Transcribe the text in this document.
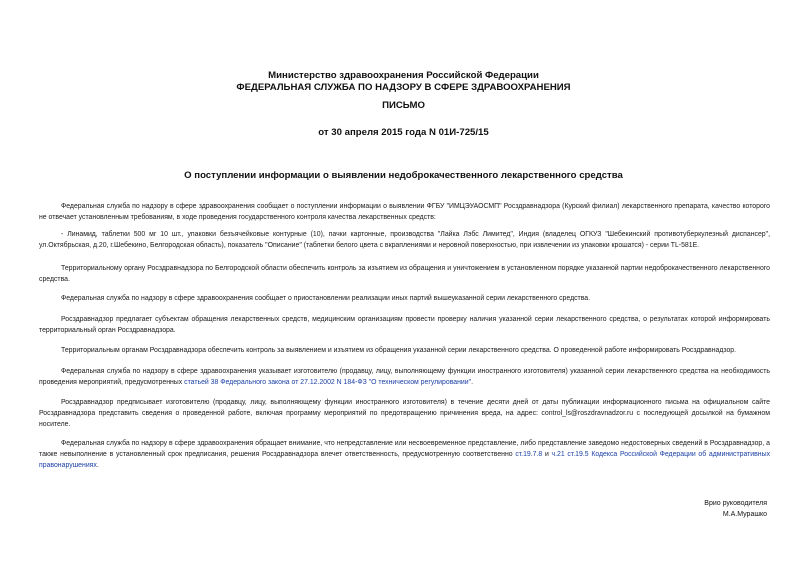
Министерство здравоохранения Российской Федерации
ФЕДЕРАЛЬНАЯ СЛУЖБА ПО НАДЗОРУ В СФЕРЕ ЗДРАВООХРАНЕНИЯ
ПИСЬМО
от 30 апреля 2015 года N 01И-725/15
О поступлении информации о выявлении недоброкачественного лекарственного средства
Федеральная служба по надзору в сфере здравоохранения сообщает о поступлении информации о выявлении ФГБУ "ИМЦЭУАОСМП" Росздравнадзора (Курский филиал) лекарственного препарата, качество которого не отвечает установленным требованиям, в ходе проведения государственного контроля качества лекарственных средств:
- Линамид, таблетки 500 мг 10 шт., упаковки безъячейковые контурные (10), пачки картонные, производства "Лайка Лэбс Лимитед", Индия (владелец ОГКУЗ "Шебекинский противотуберкулезный диспансер", ул.Октябрьская, д.20, г.Шебекино, Белгородская область), показатель "Описание" (таблетки белого цвета с вкраплениями и неровной поверхностью, при извлечении из упаковки крошатся) - серии TL-581E.
Территориальному органу Росздравнадзора по Белгородской области обеспечить контроль за изъятием из обращения и уничтожением в установленном порядке указанной партии недоброкачественного лекарственного средства.
Федеральная служба по надзору в сфере здравоохранения сообщает о приостановлении реализации иных партий вышеуказанной серии лекарственного средства.
Росздравнадзор предлагает субъектам обращения лекарственных средств, медицинским организациям провести проверку наличия указанной серии лекарственного средства, о результатах которой информировать территориальный орган Росздравнадзора.
Территориальным органам Росздравнадзора обеспечить контроль за выявлением и изъятием из обращения указанной серии лекарственного средства. О проведенной работе информировать Росздравнадзор.
Федеральная служба по надзору в сфере здравоохранения указывает изготовителю (продавцу, лицу, выполняющему функции иностранного изготовителя) указанной серии лекарственного средства на необходимость проведения мероприятий, предусмотренных статьей 38 Федерального закона от 27.12.2002 N 184-ФЗ "О техническом регулировании".
Росздравнадзор предписывает изготовителю (продавцу, лицу, выполняющему функции иностранного изготовителя) в течение десяти дней от даты публикации информационного письма на официальном сайте Росздравнадзора представить сведения о проведенной работе, включая программу мероприятий по предотвращению причинения вреда, на адрес: control_ls@roszdravnadzor.ru с последующей досылкой на бумажном носителе.
Федеральная служба по надзору в сфере здравоохранения обращает внимание, что непредставление или несвоевременное представление, либо представление заведомо недостоверных сведений в Росздравнадзор, а также невыполнение в установленный срок предписания, решения Росздравнадзора влечет ответственность, предусмотренную соответственно ст.19.7.8 и ч.21 ст.19.5 Кодекса Российской Федерации об административных правонарушениях.
Врио руководителя
М.А.Мурашко
